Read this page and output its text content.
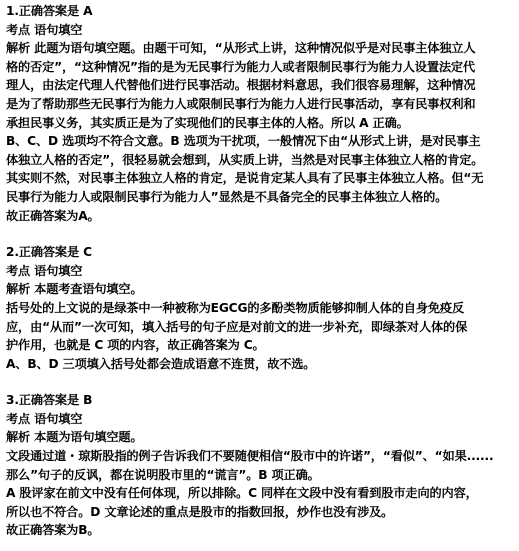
1.正确答案是 A
考点 语句填空
解析 此题为语句填空题。由题干可知，“从形式上讲，这种情况似乎是对民事主体独立人
格的否定”，“这种情况”指的是为无民事行为能力人或者限制民事行为能力人设置法定代
理人，由法定代理人代替他们进行民事活动。根据材料意思，我们很容易理解，这种情况
是为了帮助那些无民事行为能力人或限制民事行为能力人进行民事活动，享有民事权利和
承担民事义务，其实质正是为了实现他们的民事主体的人格。所以 A 正确。
B、C、D 选项均不符合文意。B 选项为干扰项，一般情况下由“从形式上讲，是对民事主
体独立人格的否定”，很轻易就会想到，从实质上讲，当然是对民事主体独立人格的肯定。
其实则不然，对民事主体独立人格的肯定，是说肯定某人具有了民事主体独立人格。但“无
民事行为能力人或限制民事行为能力人”显然是不具备完全的民事主体独立人格的。
故正确答案为A。
2.正确答案是 C
考点 语句填空
解析 本题考查语句填空。
括号处的上文说的是绿茶中一种被称为EGCG的多酚类物质能够抑制人体的自身免疫反
应，由“从而”一次可知，填入括号的句子应是对前文的进一步补充，即绿茶对人体的保
护作用，也就是 C 项的内容，故正确答案为 C。
A、B、D 三项填入括号处都会造成语意不连贯，故不选。
3.正确答案是 B
考点 语句填空
解析 本题为语句填空题。
文段通过道・琼斯股指的例子告诉我们不要随便相信“股市中的许诺”，“看似”、“如果......
那么”句子的反讽，都在说明股市里的“谎言”。B 项正确。
A 股评家在前文中没有任何体现，所以排除。C 同样在文段中没有看到股市走向的内容，
所以也不符合。D 文章论述的重点是股市的指数回报，炒作也没有涉及。
故正确答案为B。
